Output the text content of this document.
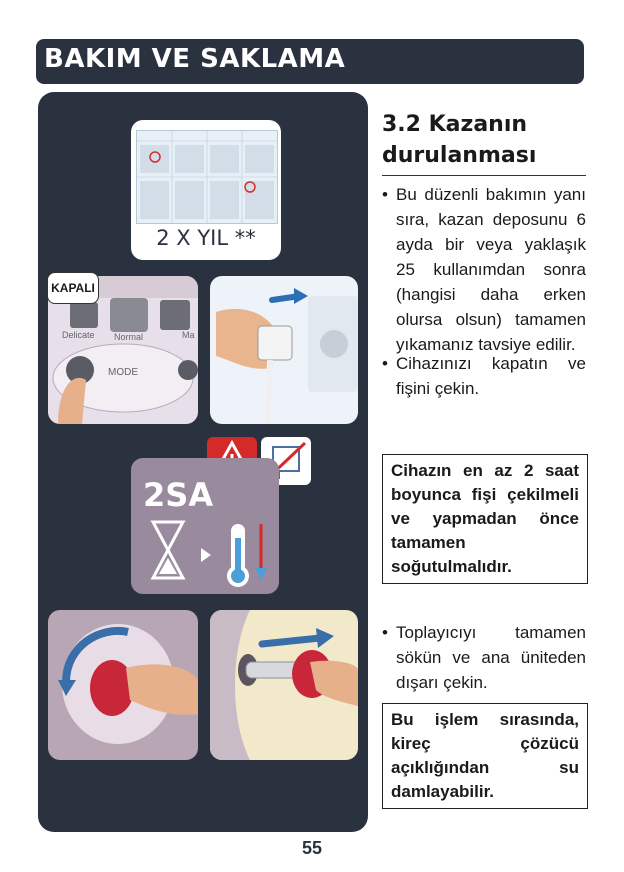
BAKIM VE SAKLAMA
2 X YIL **
Delicate Normal	Ma
MODE
KAPALI
2SA
3.2 Kazanın durulanması
• Bu düzenli bakımın yanı sıra, kazan deposunu 6 ayda bir veya yaklaşık 25 kullanımdan sonra (hangisi daha erken olursa olsun) tamamen yıkamanız tavsiye edilir.
• Cihazınızı kapatın ve fişini çekin.
Cihazın en az 2 saat boyunca fişi çekilmeli ve yapmadan önce tamamen soğutulmalıdır.
• Toplayıcıyı tamamen sökün ve ana üniteden dışarı çekin.
Bu işlem sırasında, kireç çözücü açıklığından su damlayabilir.
55
